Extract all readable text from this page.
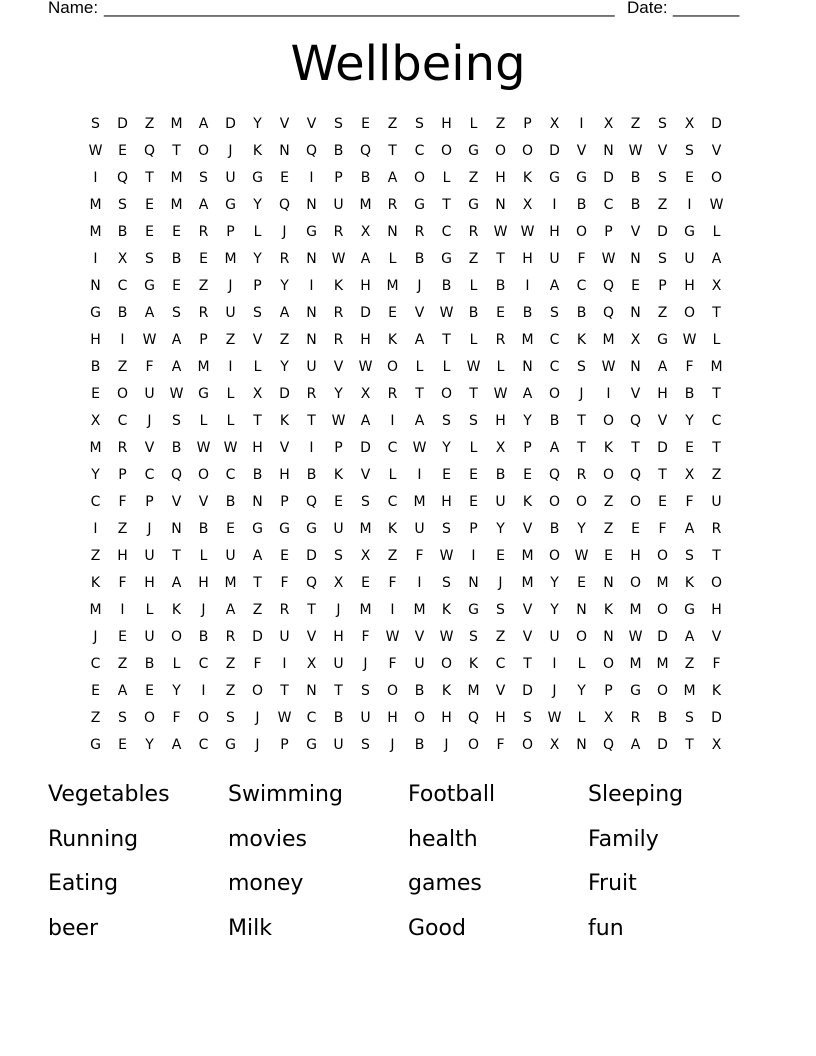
Name: ______________________________________________________ Date: _______
Wellbeing
S	D	Z	M	A	D	Y	V	V	S	E	Z	S	H	L	Z	P	X	I	X	Z	S	X	D
W	E	Q	T	O	J	K	N	Q	B	Q	T	C	O	G	O	O	D	V	N	W	V	S	V
I	Q	T	M	S	U	G	E	I	P	B	A	O	L	Z	H	K	G	G	D	B	S	E	O
M	S	E	M	A	G	Y	Q	N	U	M	R	G	T	G	N	X	I	B	C	B	Z	I	W
M	B	E	E	R	P	L	J	G	R	X	N	R	C	R	W W	H	O	P	V	D	G	L
I	X	S	B	E	M	Y	R	N	W	A	L	B	G	Z	T	H	U	F	W	N	S	U	A
N	C	G	E	Z	J	P	Y	I	K	H	M	J	B	L	B	I	A	C	Q	E	P	H	X
G	B	A	S	R	U	S	A	N	R	D	E	V	W	B	E	B	S	B	Q	N	Z	O	T
H	I	W	A	P	Z	V	Z	N	R	H	K	A	T	L	R	M	C	K	M	X	G	W	L
B	Z	F	A	M	I	L	Y	U	V	W	O	L	L	W	L	N	C	S	W	N	A	F	M
E	O	U	W	G	L	X	D	R	Y	X	R	T	O	T	W	A	O	J	I	V	H	B	T
X	C	J	S	L	L	T	K	T	W	A	I	A	S	S	H	Y	B	T	O	Q	V	Y	C
M	R	V	B	W W	H	V	I	P	D	C	W	Y	L	X	P	A	T	K	T	D	E	T
Y	P	C	Q	O	C	B	H	B	K	V	L	I	E	E	B	E	Q	R	O	Q	T	X	Z
C	F	P	V	V	B	N	P	Q	E	S	C	M	H	E	U	K	O	O	Z	O	E	F	U
I	Z	J	N	B	E	G	G	G	U	M	K	U	S	P	Y	V	B	Y	Z	E	F	A	R
Z	H	U	T	L	U	A	E	D	S	X	Z	F	W	I	E	M	O	W	E	H	O	S	T
K	F	H	A	H	M	T	F	Q	X	E	F	I	S	N	J	M	Y	E	N	O	M	K	O
M	I	L	K	J	A	Z	R	T	J	M	I	M	K	G	S	V	Y	N	K	M	O	G	H
J	E	U	O	B	R	D	U	V	H	F	W	V	W	S	Z	V	U	O	N	W	D	A	V
C	Z	B	L	C	Z	F	I	X	U	J	F	U	O	K	C	T	I	L	O	M	M	Z	F
E	A	E	Y	I	Z	O	T	N	T	S	O	B	K	M	V	D	J	Y	P	G	O	M	K
Z	S	O	F	O	S	J	W	C	B	U	H	O	H	Q	H	S	W	L	X	R	B	S	D
G	E	Y	A	C	G	J	P	G	U	S	J	B	J	O	F	O	X	N	Q	A	D	T	X
Vegetables	Swimming	Football	Sleeping
Running	movies	health	Family
Eating	money	games	Fruit
beer	Milk	Good	fun
